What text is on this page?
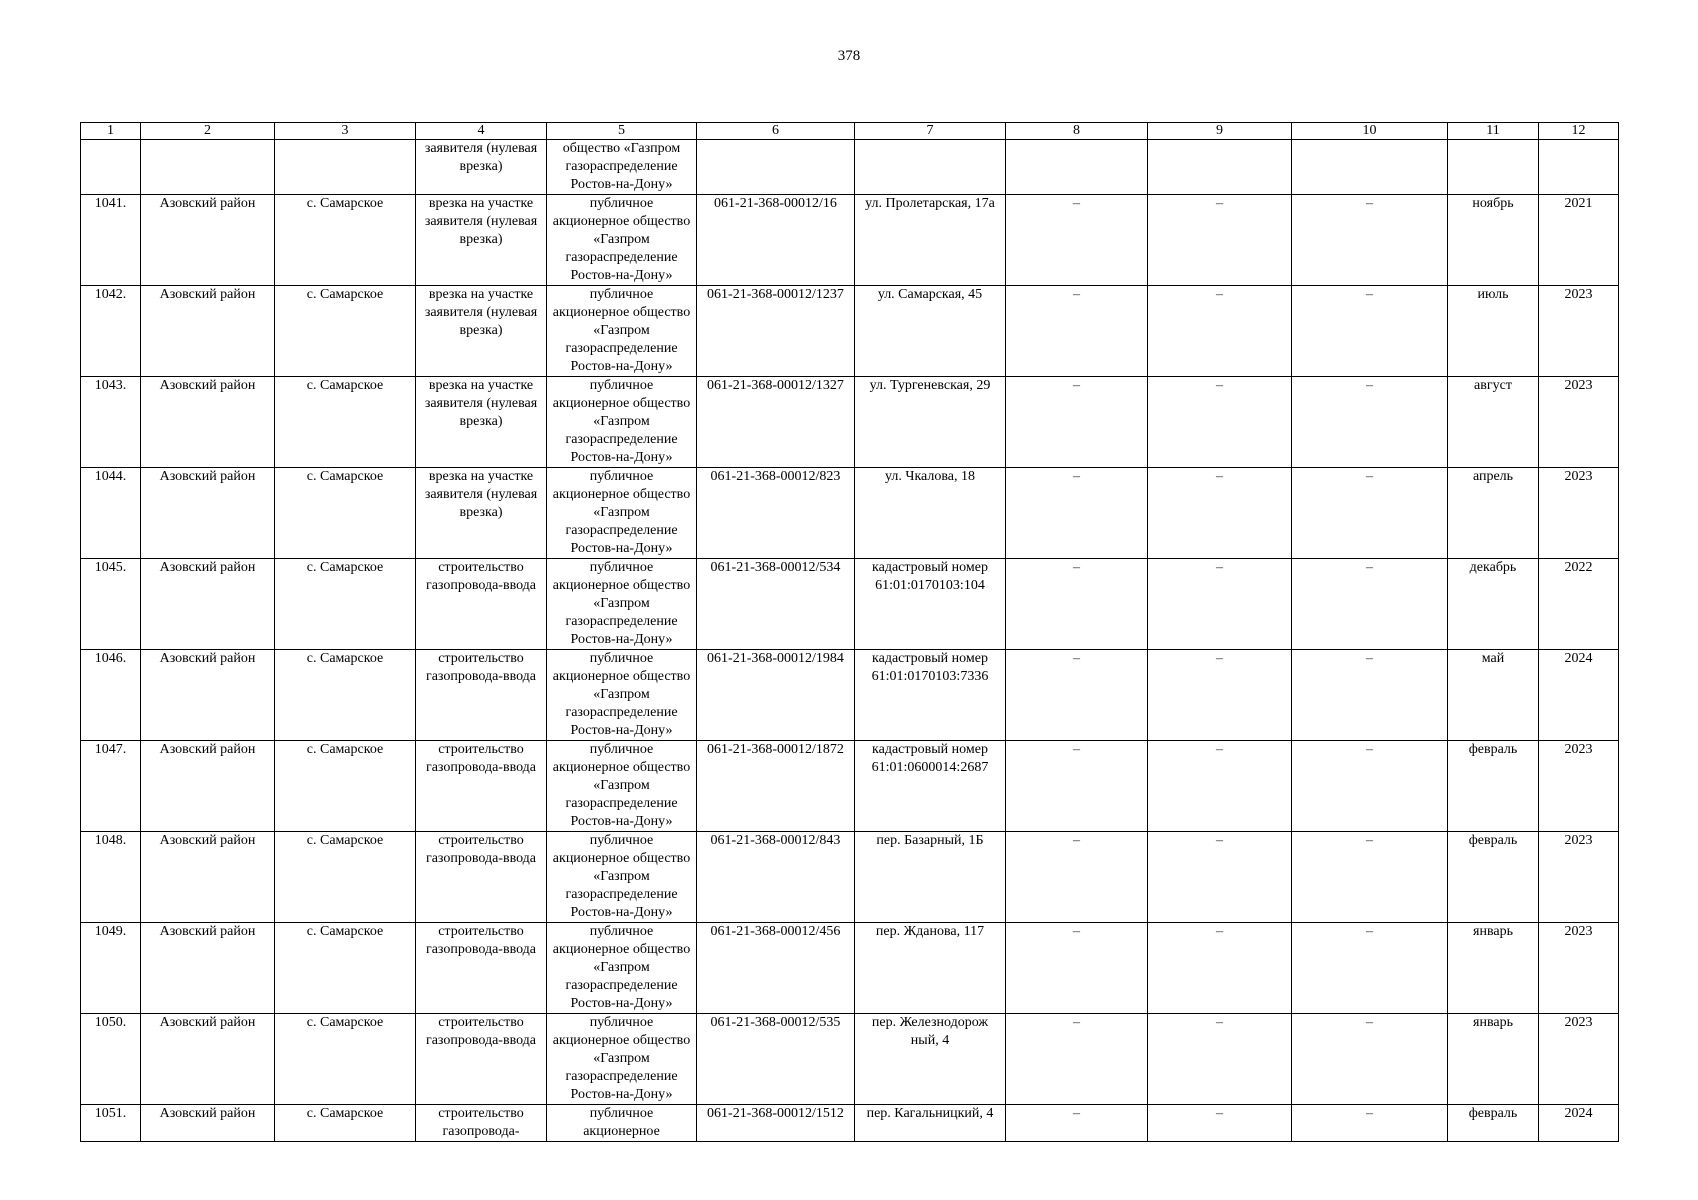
378
1	2	3	4	5	6	7	8	9	10	11	12
			заявителя (нулевая врезка)	общество «Газпром газораспределение Ростов-на-Дону»							
1041.	Азовский район	с. Самарское	врезка на участке заявителя (нулевая врезка)	публичное акционерное общество «Газпром газораспределение Ростов-на-Дону»	061-21-368-00012/16	ул. Пролетарская, 17а	–	–	–	ноябрь	2021
1042.	Азовский район	с. Самарское	врезка на участке заявителя (нулевая врезка)	публичное акционерное общество «Газпром газораспределение Ростов-на-Дону»	061-21-368-00012/1237	ул. Самарская, 45	–	–	–	июль	2023
1043.	Азовский район	с. Самарское	врезка на участке заявителя (нулевая врезка)	публичное акционерное общество «Газпром газораспределение Ростов-на-Дону»	061-21-368-00012/1327	ул. Тургеневская, 29	–	–	–	август	2023
1044.	Азовский район	с. Самарское	врезка на участке заявителя (нулевая врезка)	публичное акционерное общество «Газпром газораспределение Ростов-на-Дону»	061-21-368-00012/823	ул. Чкалова, 18	–	–	–	апрель	2023
1045.	Азовский район	с. Самарское	строительство газопровода-ввода	публичное акционерное общество «Газпром газораспределение Ростов-на-Дону»	061-21-368-00012/534	кадастровый номер 61:01:0170103:104	–	–	–	декабрь	2022
1046.	Азовский район	с. Самарское	строительство газопровода-ввода	публичное акционерное общество «Газпром газораспределение Ростов-на-Дону»	061-21-368-00012/1984	кадастровый номер 61:01:0170103:7336	–	–	–	май	2024
1047.	Азовский район	с. Самарское	строительство газопровода-ввода	публичное акционерное общество «Газпром газораспределение Ростов-на-Дону»	061-21-368-00012/1872	кадастровый номер 61:01:0600014:2687	–	–	–	февраль	2023
1048.	Азовский район	с. Самарское	строительство газопровода-ввода	публичное акционерное общество «Газпром газораспределение Ростов-на-Дону»	061-21-368-00012/843	пер. Базарный, 1Б	–	–	–	февраль	2023
1049.	Азовский район	с. Самарское	строительство газопровода-ввода	публичное акционерное общество «Газпром газораспределение Ростов-на-Дону»	061-21-368-00012/456	пер. Жданова, 117	–	–	–	январь	2023
1050.	Азовский район	с. Самарское	строительство газопровода-ввода	публичное акционерное общество «Газпром газораспределение Ростов-на-Дону»	061-21-368-00012/535	пер. Железнодорож ный, 4	–	–	–	январь	2023
1051.	Азовский район	с. Самарское	строительство газопровода-	публичное акционерное	061-21-368-00012/1512	пер. Кагальницкий, 4	–	–	–	февраль	2024
